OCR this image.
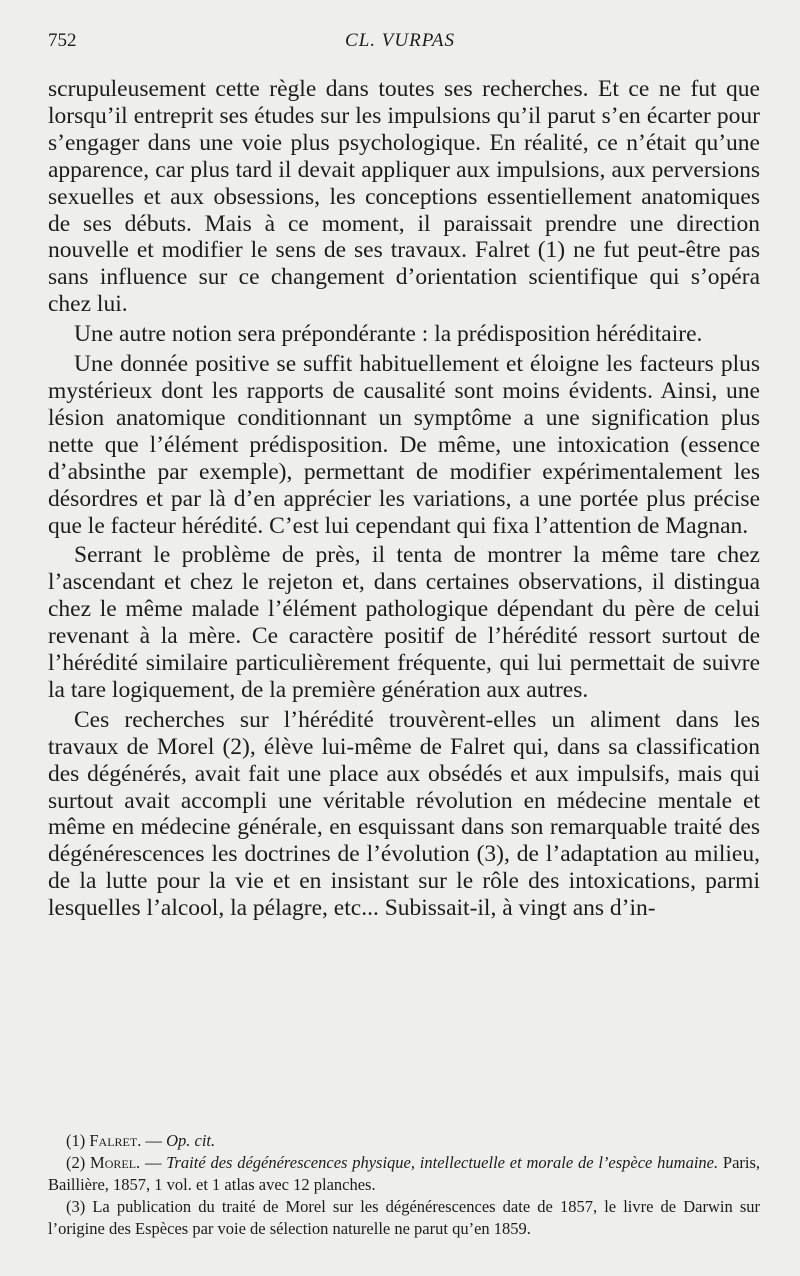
752	CL. VURPAS

scrupuleusement cette règle dans toutes ses recherches. Et ce ne fut que lorsqu’il entreprit ses études sur les impulsions qu’il parut s’en écarter pour s’engager dans une voie plus psychologique. En réalité, ce n’était qu’une apparence, car plus tard il devait appliquer aux impulsions, aux perversions sexuelles et aux obsessions, les conceptions essentiellement anatomiques de ses débuts. Mais à ce moment, il paraissait prendre une direction nouvelle et modifier le sens de ses travaux. Falret (1) ne fut peut-être pas sans influence sur ce changement d’orientation scientifique qui s’opéra chez lui.

Une autre notion sera prépondérante : la prédisposition héréditaire.

Une donnée positive se suffit habituellement et éloigne les facteurs plus mystérieux dont les rapports de causalité sont moins évidents. Ainsi, une lésion anatomique conditionnant un symptôme a une signification plus nette que l’élément prédisposition. De même, une intoxication (essence d’absinthe par exemple), permettant de modifier expérimentalement les désordres et par là d’en apprécier les variations, a une portée plus précise que le facteur hérédité. C’est lui cependant qui fixa l’attention de Magnan.

Serrant le problème de près, il tenta de montrer la même tare chez l’ascendant et chez le rejeton et, dans certaines observations, il distingua chez le même malade l’élément pathologique dépendant du père de celui revenant à la mère. Ce caractère positif de l’hérédité ressort surtout de l’hérédité similaire particulièrement fréquente, qui lui permettait de suivre la tare logiquement, de la première génération aux autres.

Ces recherches sur l’hérédité trouvèrent-elles un aliment dans les travaux de Morel (2), élève lui-même de Falret qui, dans sa classification des dégénérés, avait fait une place aux obsédés et aux impulsifs, mais qui surtout avait accompli une véritable révolution en médecine mentale et même en médecine générale, en esquissant dans son remarquable traité des dégénérescences les doctrines de l’évolution (3), de l’adaptation au milieu, de la lutte pour la vie et en insistant sur le rôle des intoxications, parmi lesquelles l’alcool, la pélagre, etc... Subissait-il, à vingt ans d’in-

(1) Falret. — Op. cit.

(2) Morel. — Traité des dégénérescences physique, intellectuelle et morale de l’espèce humaine. Paris, Baillière, 1857, 1 vol. et 1 atlas avec 12 planches.

(3) La publication du traité de Morel sur les dégénérescences date de 1857, le livre de Darwin sur l’origine des Espèces par voie de sélection naturelle ne parut qu’en 1859.
